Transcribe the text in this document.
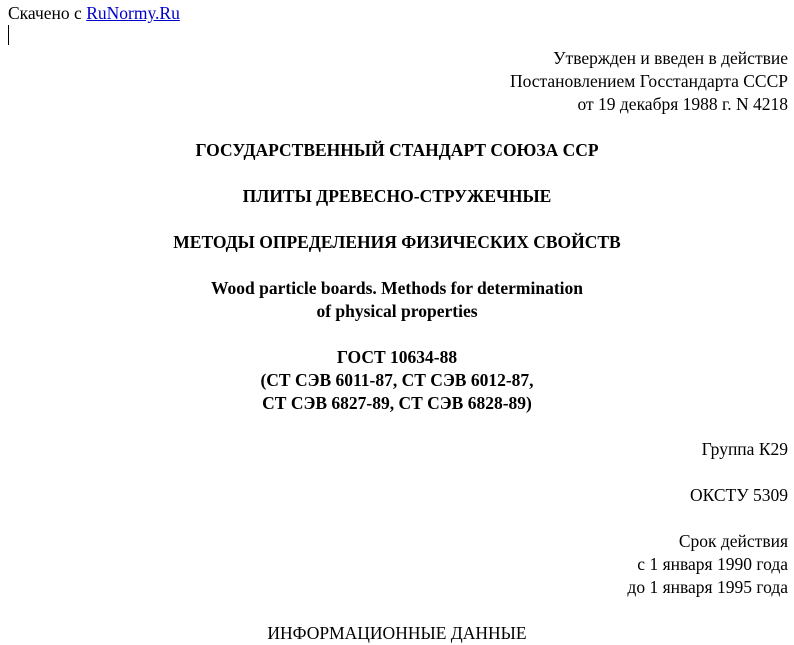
Скачено с RuNormy.Ru
Утвержден и введен в действие
Постановлением Госстандарта СССР
от 19 декабря 1988 г. N 4218
ГОСУДАРСТВЕННЫЙ СТАНДАРТ СОЮЗА ССР
ПЛИТЫ ДРЕВЕСНО-СТРУЖЕЧНЫЕ
МЕТОДЫ ОПРЕДЕЛЕНИЯ ФИЗИЧЕСКИХ СВОЙСТВ
Wood particle boards. Methods for determination
of physical properties
ГОСТ 10634-88
(СТ СЭВ 6011-87, СТ СЭВ 6012-87,
СТ СЭВ 6827-89, СТ СЭВ 6828-89)
Группа К29
ОКСТУ 5309
Срок действия
с 1 января 1990 года
до 1 января 1995 года
ИНФОРМАЦИОННЫЕ ДАННЫЕ
